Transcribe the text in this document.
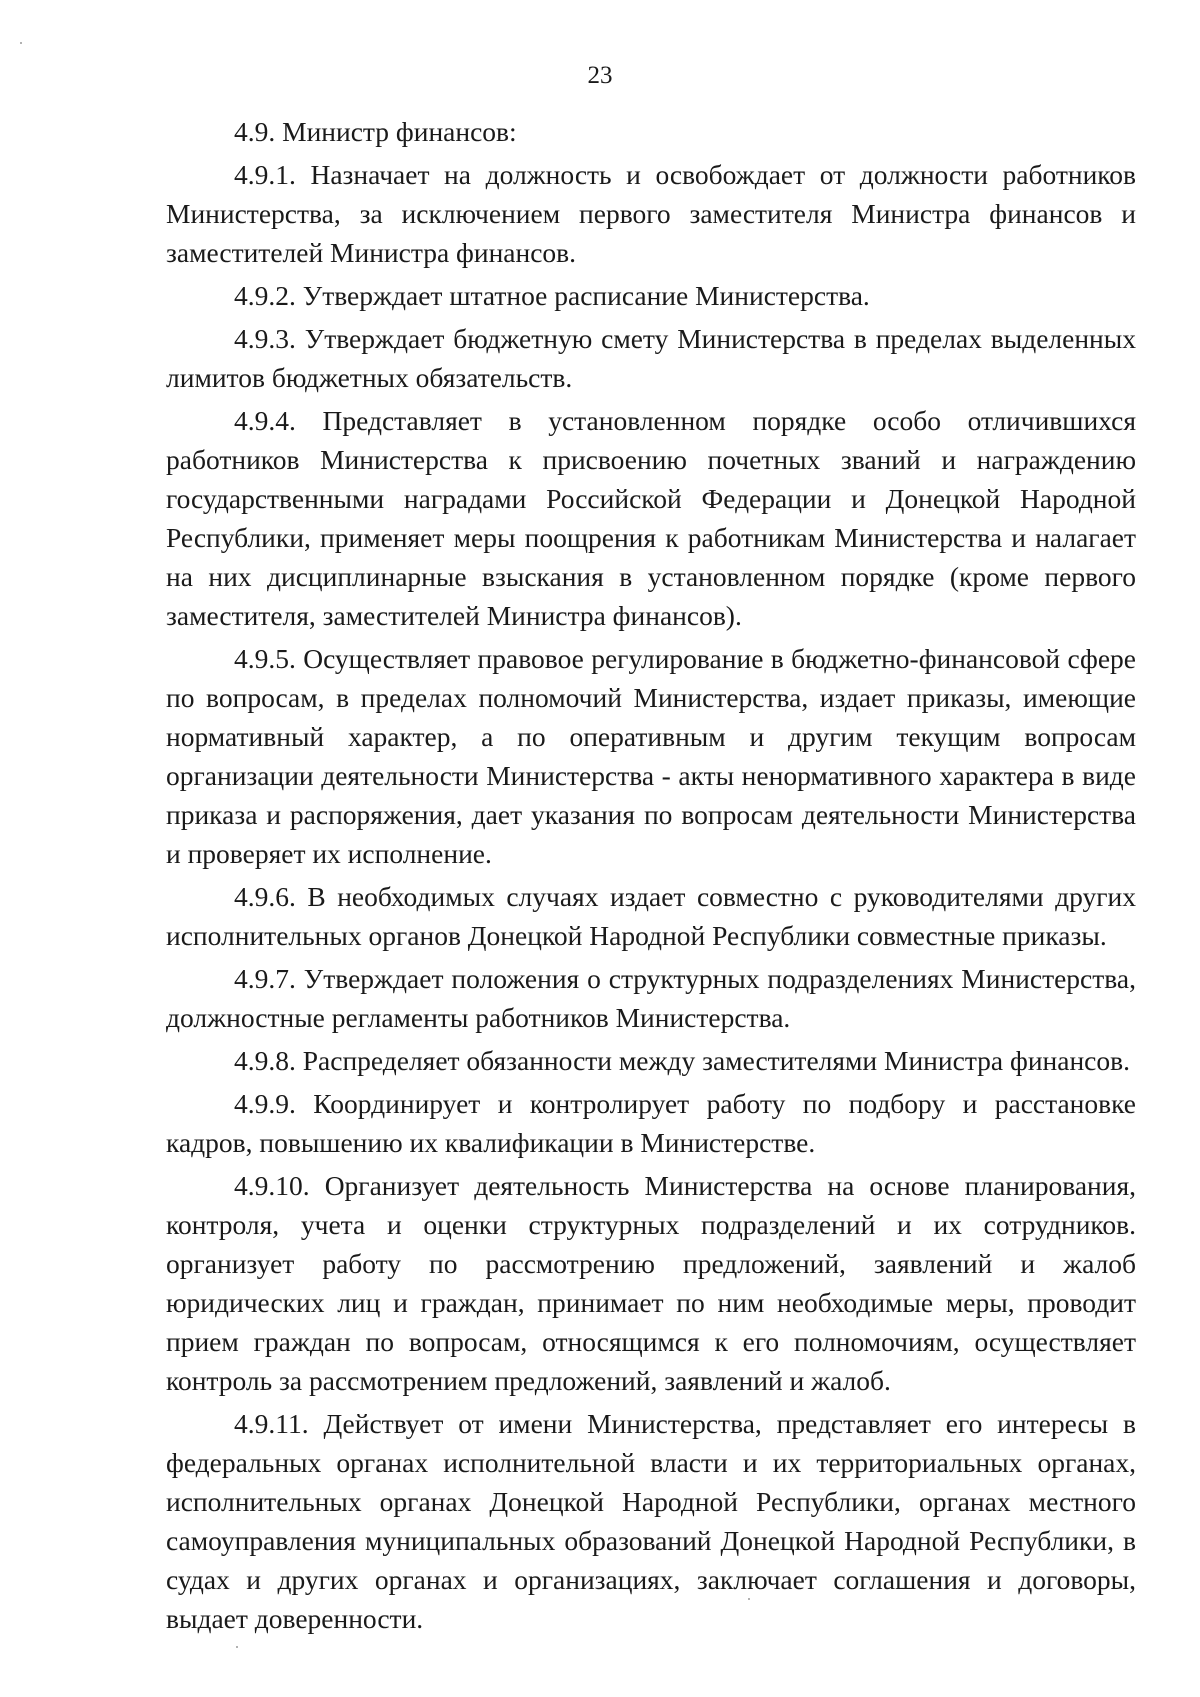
23

4.9. Министр финансов:

4.9.1. Назначает на должность и освобождает от должности работников Министерства, за исключением первого заместителя Министра финансов и заместителей Министра финансов.

4.9.2. Утверждает штатное расписание Министерства.

4.9.3. Утверждает бюджетную смету Министерства в пределах выделенных лимитов бюджетных обязательств.

4.9.4. Представляет в установленном порядке особо отличившихся работников Министерства к присвоению почетных званий и награждению государственными наградами Российской Федерации и Донецкой Народной Республики, применяет меры поощрения к работникам Министерства и налагает на них дисциплинарные взыскания в установленном порядке (кроме первого заместителя, заместителей Министра финансов).

4.9.5. Осуществляет правовое регулирование в бюджетно-финансовой сфере по вопросам, в пределах полномочий Министерства, издает приказы, имеющие нормативный характер, а по оперативным и другим текущим вопросам организации деятельности Министерства - акты ненормативного характера в виде приказа и распоряжения, дает указания по вопросам деятельности Министерства и проверяет их исполнение.

4.9.6. В необходимых случаях издает совместно с руководителями других исполнительных органов Донецкой Народной Республики совместные приказы.

4.9.7. Утверждает положения о структурных подразделениях Министерства, должностные регламенты работников Министерства.

4.9.8. Распределяет обязанности между заместителями Министра финансов.

4.9.9. Координирует и контролирует работу по подбору и расстановке кадров, повышению их квалификации в Министерстве.

4.9.10. Организует деятельность Министерства на основе планирования, контроля, учета и оценки структурных подразделений и их сотрудников. организует работу по рассмотрению предложений, заявлений и жалоб юридических лиц и граждан, принимает по ним необходимые меры, проводит прием граждан по вопросам, относящимся к его полномочиям, осуществляет контроль за рассмотрением предложений, заявлений и жалоб.

4.9.11. Действует от имени Министерства, представляет его интересы в федеральных органах исполнительной власти и их территориальных органах, исполнительных органах Донецкой Народной Республики, органах местного самоуправления муниципальных образований Донецкой Народной Республики, в судах и других органах и организациях, заключает соглашения и договоры, выдает доверенности.
